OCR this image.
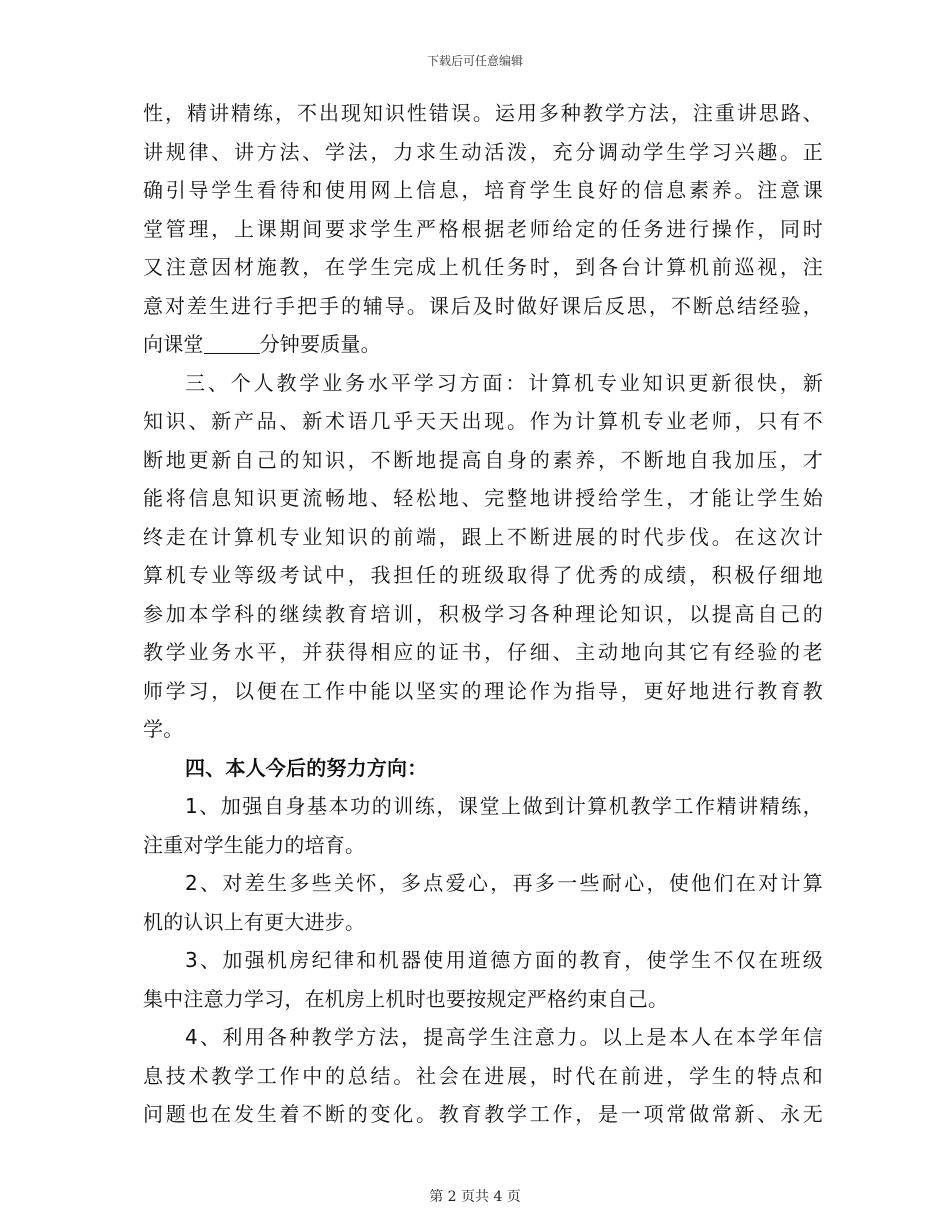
下载后可任意编辑
性，精讲精练，不出现知识性错误。运用多种教学方法，注重讲思路、
讲规律、讲方法、学法，力求生动活泼，充分调动学生学习兴趣。正
确引导学生看待和使用网上信息，培育学生良好的信息素养。注意课
堂管理，上课期间要求学生严格根据老师给定的任务进行操作，同时
又注意因材施教，在学生完成上机任务时，到各台计算机前巡视，注
意对差生进行手把手的辅导。课后及时做好课后反思，不断总结经验，
向课堂	分钟要质量。
三、个人教学业务水平学习方面：计算机专业知识更新很快，新
知识、新产品、新术语几乎天天出现。作为计算机专业老师，只有不
断地更新自己的知识，不断地提高自身的素养，不断地自我加压，才
能将信息知识更流畅地、轻松地、完整地讲授给学生，才能让学生始
终走在计算机专业知识的前端，跟上不断进展的时代步伐。在这次计
算机专业等级考试中，我担任的班级取得了优秀的成绩，积极仔细地
参加本学科的继续教育培训，积极学习各种理论知识，以提高自己的
教学业务水平，并获得相应的证书，仔细、主动地向其它有经验的老
师学习，以便在工作中能以坚实的理论作为指导，更好地进行教育教
学。
四、本人今后的努力方向：
1、加强自身基本功的训练，课堂上做到计算机教学工作精讲精练，
注重对学生能力的培育。
2、对差生多些关怀，多点爱心，再多一些耐心，使他们在对计算
机的认识上有更大进步。
3、加强机房纪律和机器使用道德方面的教育，使学生不仅在班级
集中注意力学习，在机房上机时也要按规定严格约束自己。
4、利用各种教学方法，提高学生注意力。以上是本人在本学年信
息技术教学工作中的总结。社会在进展，时代在前进，学生的特点和
问题也在发生着不断的变化。教育教学工作，是一项常做常新、永无
第 2 页共 4 页
